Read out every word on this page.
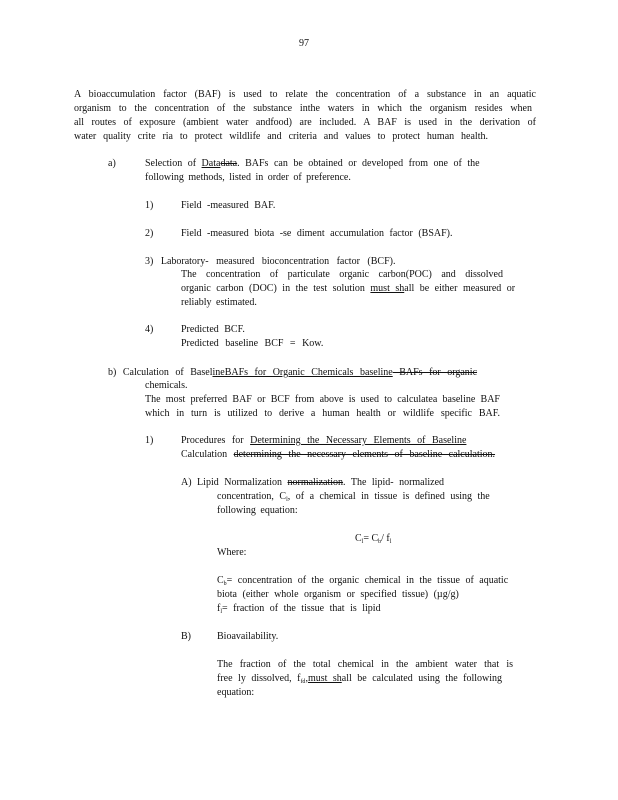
97
A bioaccumulation factor (BAF) is used to relate the concentration of a substance in an aquatic
organism to the concentration of the substance inthe waters in which the organism resides when
all routes of exposure (ambient water andfood) are included. A BAF is used in the derivation of
water quality crite ria to protect wildlife and criteria and values to protect human health.
a)	Selection of Datadata. BAFs can be obtained or developed from one of the
following methods, listed in order of preference.
1)	Field -measured BAF.
2)	Field -measured biota -se diment accumulation factor (BSAF).
3) Laboratory- measured bioconcentration factor (BCF).
The concentration of particulate organic carbon(POC) and dissolved
organic carbon (DOC) in the test solution must shall be either measured or
reliably estimated.
4)	Predicted BCF.
Predicted baseline BCF = Kow.
b) Calculation of BaselineBAFs for Organic Chemicals baseline BAFs for organic
chemicals.
The most preferred BAF or BCF from above is used to calculatea baseline BAF
which in turn is utilized to derive a human health or wildlife specific BAF.
1)	Procedures for Determining the Necessary Elements of Baseline
Calculation determining the necessary elements of baseline calculation.
A) Lipid Normalization normalization. The lipid- normalized
concentration, $C_l$, of a chemical in tissue is defined using the
following equation:
$C_l= C_b/$ $f_l$
Where:
$C_b=$ concentration of the organic chemical in the tissue of aquatic
biota (either whole organism or specified tissue) (µg/g)
$f_l=$ fraction of the tissue that is lipid
B)	Bioavailability.
The fraction of the total chemical in the ambient water that is
free ly dissolved, $f_{fd},must$ shall be calculated using the following
equation:
